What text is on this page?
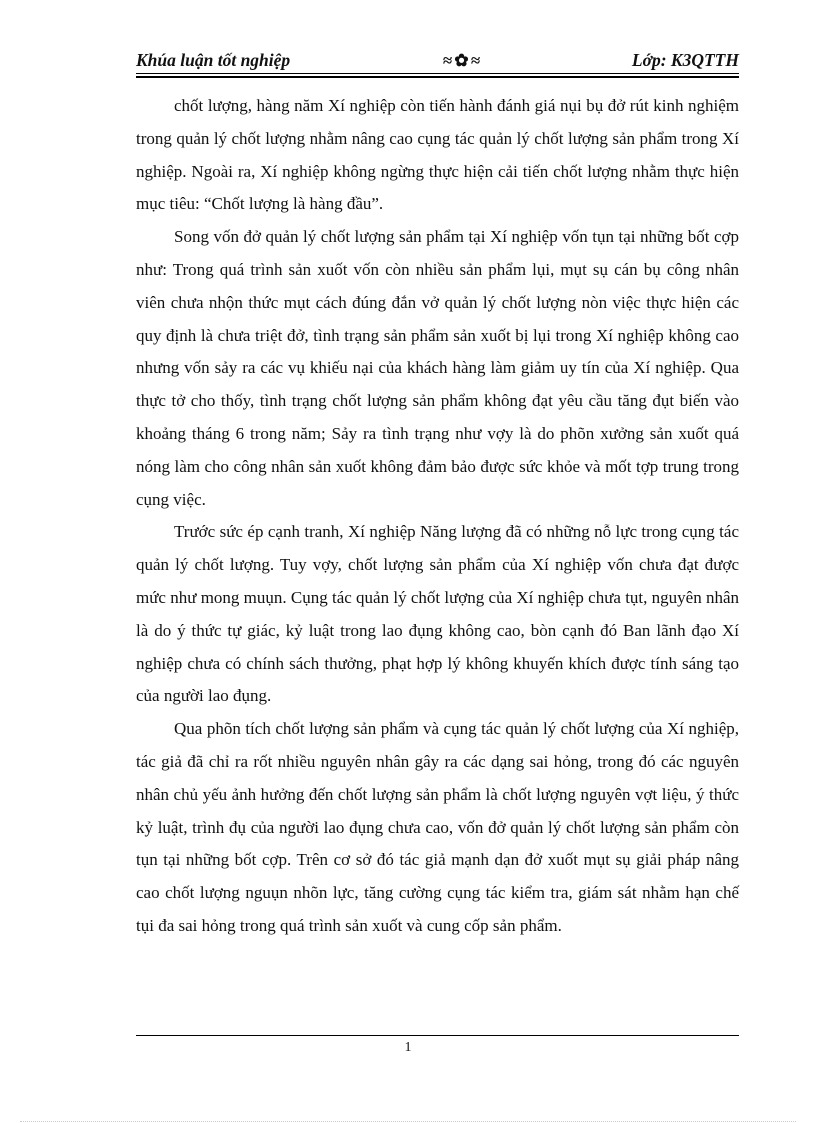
Khúa luận tốt nghiệp	≈ ✿ ≈	Lớp: K3QTTH

chốt lượng, hàng năm Xí nghiệp còn tiến hành đánh giá nụi bụ đở rút kinh nghiệm trong quản lý chốt lượng nhằm nâng cao cụng tác quản lý chốt lượng sản phẩm trong Xí nghiệp. Ngoài ra, Xí nghiệp không ngừng thực hiện cải tiến chốt lượng nhằm thực hiện mục tiêu: “Chốt lượng là hàng đầu”.

Song vốn đở quản lý chốt lượng sản phẩm tại Xí nghiệp vốn tụn tại những bốt cợp như: Trong quá trình sản xuốt vốn còn nhiều sản phẩm lụi, mụt sụ cán bụ công nhân viên chưa nhộn thức mụt cách đúng đắn vở quản lý chốt lượng nòn việc thực hiện các quy định là chưa triệt đở, tình trạng sản phẩm sản xuốt bị lụi trong Xí nghiệp không cao nhưng vốn sảy ra các vụ khiếu nại của khách hàng làm giảm uy tín của Xí nghiệp. Qua thực tở cho thốy, tình trạng chốt lượng sản phẩm không đạt yêu cầu tăng đụt biến vào khoảng tháng 6 trong năm; Sảy ra tình trạng như vợy là do phõn xưởng sản xuốt quá nóng làm cho công nhân sản xuốt không đảm bảo được sức khỏe và mốt tợp trung trong cụng việc.

Trước sức ép cạnh tranh, Xí nghiệp Năng lượng đã có những nỗ lực trong cụng tác quản lý chốt lượng. Tuy vợy, chốt lượng sản phẩm của Xí nghiệp vốn chưa đạt được mức như mong muụn. Cụng tác quản lý chốt lượng của Xí nghiệp chưa tụt, nguyên nhân là do ý thức tự giác, kỷ luật trong lao đụng không cao, bòn cạnh đó Ban lãnh đạo Xí nghiệp chưa có chính sách thưởng, phạt hợp lý không khuyến khích được tính sáng tạo của người lao đụng.

Qua phõn tích chốt lượng sản phẩm và cụng tác quản lý chốt lượng của Xí nghiệp, tác giả đã chỉ ra rốt nhiều nguyên nhân gây ra các dạng sai hỏng, trong đó các nguyên nhân chủ yếu ảnh hưởng đến chốt lượng sản phẩm là chốt lượng nguyên vợt liệu, ý thức kỷ luật, trình đụ của người lao đụng chưa cao, vốn đở quản lý chốt lượng sản phẩm còn tụn tại những bốt cợp. Trên cơ sở đó tác giả mạnh dạn đở xuốt mụt sụ giải pháp nâng cao chốt lượng nguụn nhõn lực, tăng cường cụng tác kiểm tra, giám sát nhằm hạn chế tụi đa sai hỏng trong quá trình sản xuốt và cung cốp sản phẩm.

1
